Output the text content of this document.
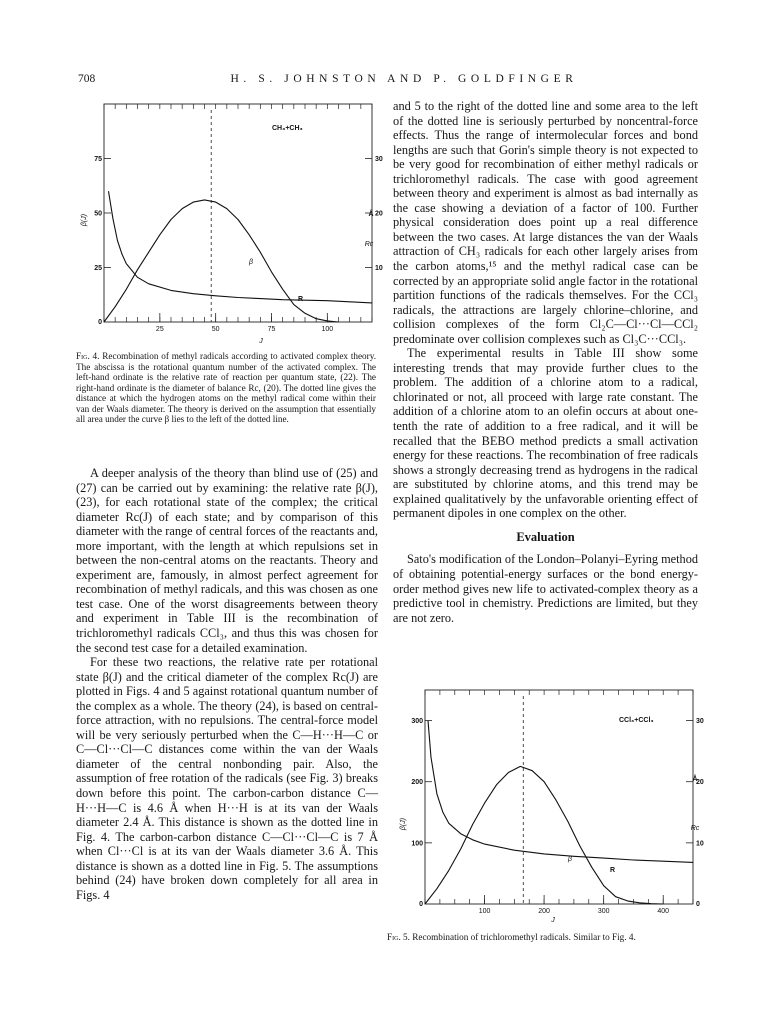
708	H. S. JOHNSTON AND P. GOLDFINGER
25	50	75	100
25
50
75
10
20
30
0
CH₃+CH₃
β
R
β(J)	Å
Rc
J
Fig. 4. Recombination of methyl radicals according to activated complex theory. The abscissa is the rotational quantum number of the activated complex. The left-hand ordinate is the relative rate of reaction per quantum state, (22). The right-hand ordinate is the diameter of balance Rc, (20). The dotted line gives the distance at which the hydrogen atoms on the methyl radical come within their van der Waals diameter. The theory is derived on the assumption that essentially all area under the curve β lies to the left of the dotted line.

A deeper analysis of the theory than blind use of (25) and (27) can be carried out by examining: the relative rate β(J), (23), for each rotational state of the complex; the critical diameter Rc(J) of each state; and by comparison of this diameter with the range of central forces of the reactants and, more important, with the length at which repulsions set in between the non-central atoms on the reactants. Theory and experiment are, famously, in almost perfect agreement for recombination of methyl radicals, and this was chosen as one test case. One of the worst disagreements between theory and experiment in Table III is the recombination of trichloromethyl radicals CCl₃, and thus this was chosen for the second test case for a detailed examination.

For these two reactions, the relative rate per rotational state β(J) and the critical diameter of the complex Rc(J) are plotted in Figs. 4 and 5 against rotational quantum number of the complex as a whole. The theory (24), is based on central-force attraction, with no repulsions. The central-force model will be very seriously perturbed when the C—H···H—C or C—Cl···Cl—C distances come within the van der Waals diameter of the central nonbonding pair. Also, the assumption of free rotation of the radicals (see Fig. 3) breaks down before this point. The carbon-carbon distance C—H···H—C is 4.6 Å when H···H is at its van der Waals diameter 2.4 Å. This distance is shown as the dotted line in Fig. 4. The carbon-carbon distance C—Cl···Cl—C is 7 Å when Cl···Cl is at its van der Waals diameter 3.6 Å. This distance is shown as a dotted line in Fig. 5. The assumptions behind (24) have broken down completely for all area in Figs. 4

and 5 to the right of the dotted line and some area to the left of the dotted line is seriously perturbed by noncentral-force effects. Thus the range of intermolecular forces and bond lengths are such that Gorin's simple theory is not expected to be very good for recombination of either methyl radicals or trichloromethyl radicals. The case with good agreement between theory and experiment is almost as bad internally as the case showing a deviation of a factor of 100. Further physical consideration does point up a real difference between the two cases. At large distances the van der Waals attraction of CH₃ radicals for each other largely arises from the carbon atoms,¹⁵ and the methyl radical case can be corrected by an appropriate solid angle factor in the rotational partition functions of the radicals themselves. For the CCl₃ radicals, the attractions are largely chlorine–chlorine, and collision complexes of the form Cl₂C—Cl···Cl—CCl₂ predominate over collision complexes such as Cl₃C···CCl₃.

The experimental results in Table III show some interesting trends that may provide further clues to the problem. The addition of a chlorine atom to a radical, chlorinated or not, all proceed with large rate constant. The addition of a chlorine atom to an olefin occurs at about one-tenth the rate of addition to a free radical, and it will be recalled that the BEBO method predicts a small activation energy for these reactions. The recombination of free radicals shows a strongly decreasing trend as hydrogens in the radical are substituted by chlorine atoms, and this trend may be explained qualitatively by the unfavorable orienting effect of permanent dipoles in one complex on the other.

Evaluation

Sato's modification of the London–Polanyi–Eyring method of obtaining potential-energy surfaces or the bond energy-order method gives new life to activated-complex theory as a predictive tool in chemistry. Predictions are limited, but they are not zero.

100	200	300	400
100
200
300
10
20
30
0
0
CCl₃+CCl₃
β
R
β(J)
Å
Rc
J
Fig. 5. Recombination of trichloromethyl radicals. Similar to Fig. 4.
